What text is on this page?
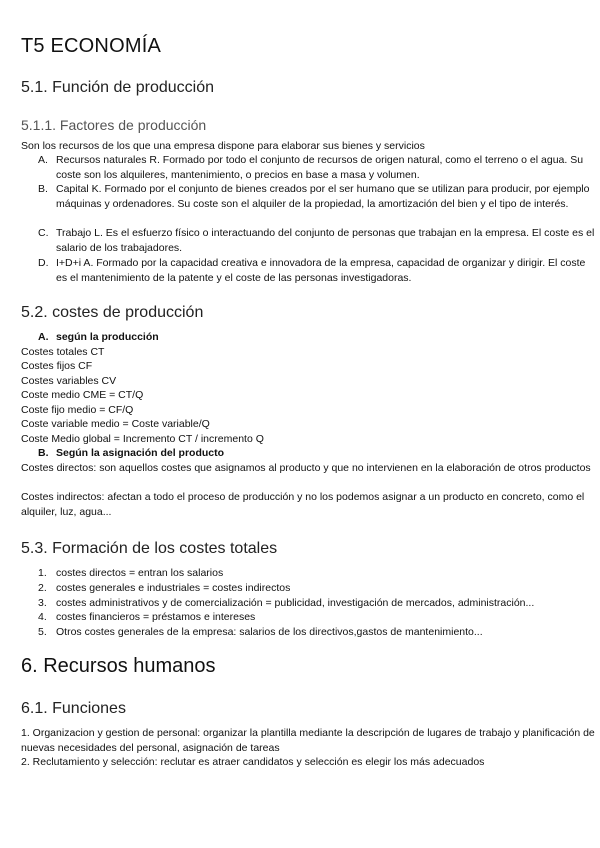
T5 ECONOMÍA
5.1. Función de producción
5.1.1. Factores de producción
Son los recursos de los que una empresa dispone para elaborar sus bienes y servicios
A. Recursos naturales R. Formado por todo el conjunto de recursos de origen natural, como el terreno o el agua. Su coste son los alquileres, mantenimiento, o precios en base a masa y volumen.
B. Capital K. Formado por el conjunto de bienes creados por el ser humano que se utilizan para producir, por ejemplo máquinas y ordenadores. Su coste son el alquiler de la propiedad, la amortización del bien y el tipo de interés.
C. Trabajo L. Es el esfuerzo físico o interactuando del conjunto de personas que trabajan en la empresa. El coste es el salario de los trabajadores.
D. I+D+i A. Formado por la capacidad creativa e innovadora de la empresa, capacidad de organizar y dirigir. El coste es el mantenimiento de la patente y el coste de las personas investigadoras.
5.2. costes de producción
A. según la producción
Costes totales CT
Costes fijos CF
Costes variables CV
Coste medio CME = CT/Q
Coste fijo medio = CF/Q
Coste variable medio = Coste variable/Q
Coste Medio global = Incremento CT / incremento Q
B. Según la asignación del producto
Costes directos: son aquellos costes que asignamos al producto y que no intervienen en la elaboración de otros productos
Costes indirectos: afectan a todo el proceso de producción y no los podemos asignar a un producto en concreto, como el alquiler, luz, agua...
5.3. Formación de los costes totales
1. costes directos = entran los salarios
2. costes generales e industriales = costes indirectos
3. costes administrativos y de comercialización = publicidad, investigación de mercados, administración...
4. costes financieros = préstamos e intereses
5. Otros costes generales de la empresa: salarios de los directivos,gastos de mantenimiento...
6. Recursos humanos
6.1. Funciones
1. Organizacion y gestion de personal: organizar la plantilla mediante la descripción de lugares de trabajo y planificación de nuevas necesidades del personal, asignación de tareas
2. Reclutamiento y selección: reclutar es atraer candidatos y selección es elegir los más adecuados
